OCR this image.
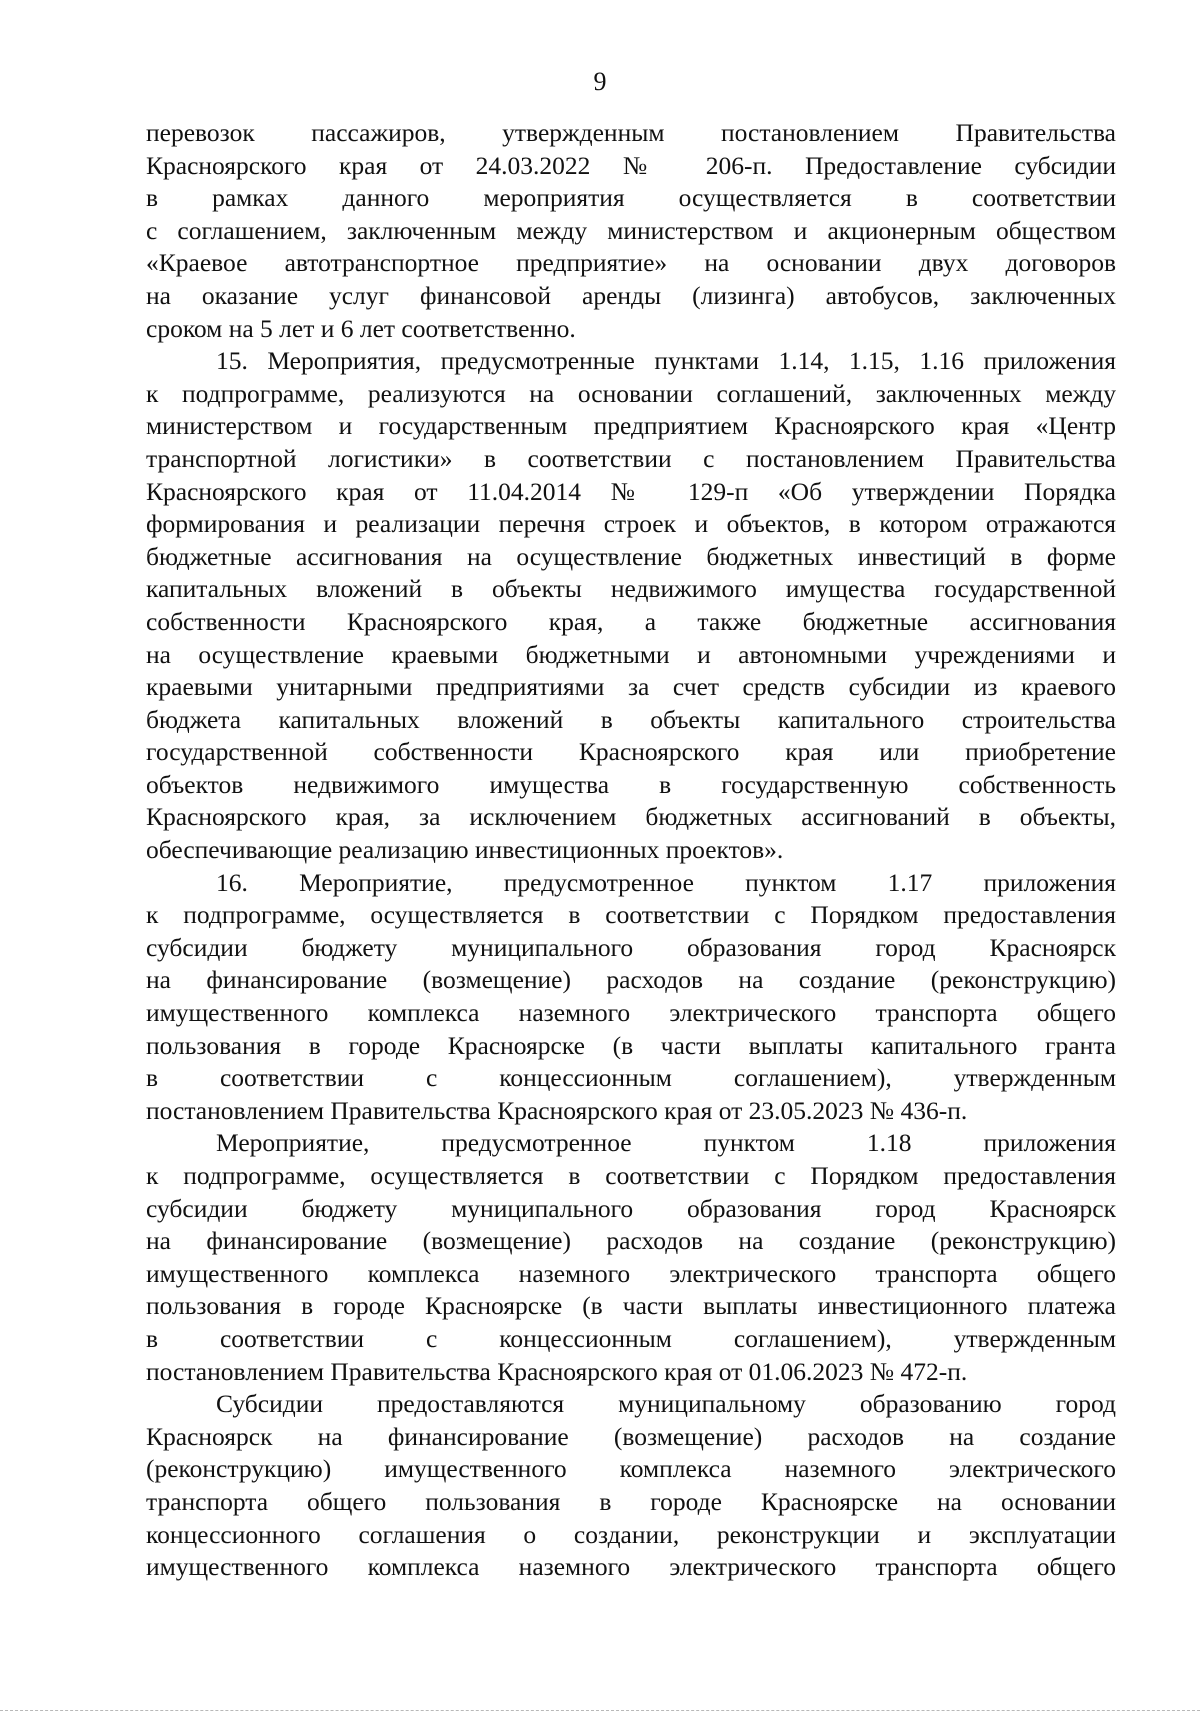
9
перевозок пассажиров, утвержденным постановлением Правительства
Красноярского края от 24.03.2022 № 206-п. Предоставление субсидии
в рамках данного мероприятия осуществляется в соответствии
с соглашением, заключенным между министерством и акционерным обществом
«Краевое автотранспортное предприятие» на основании двух договоров
на оказание услуг финансовой аренды (лизинга) автобусов, заключенных
сроком на 5 лет и 6 лет соответственно.
15. Мероприятия, предусмотренные пунктами 1.14, 1.15, 1.16 приложения
к подпрограмме, реализуются на основании соглашений, заключенных между
министерством и государственным предприятием Красноярского края «Центр
транспортной логистики» в соответствии с постановлением Правительства
Красноярского края от 11.04.2014 № 129-п «Об утверждении Порядка
формирования и реализации перечня строек и объектов, в котором отражаются
бюджетные ассигнования на осуществление бюджетных инвестиций в форме
капитальных вложений в объекты недвижимого имущества государственной
собственности Красноярского края, а также бюджетные ассигнования
на осуществление краевыми бюджетными и автономными учреждениями и
краевыми унитарными предприятиями за счет средств субсидии из краевого
бюджета капитальных вложений в объекты капитального строительства
государственной собственности Красноярского края или приобретение
объектов недвижимого имущества в государственную собственность
Красноярского края, за исключением бюджетных ассигнований в объекты,
обеспечивающие реализацию инвестиционных проектов».
16. Мероприятие, предусмотренное пунктом 1.17 приложения
к подпрограмме, осуществляется в соответствии с Порядком предоставления
субсидии бюджету муниципального образования город Красноярск
на финансирование (возмещение) расходов на создание (реконструкцию)
имущественного комплекса наземного электрического транспорта общего
пользования в городе Красноярске (в части выплаты капитального гранта
в соответствии с концессионным соглашением), утвержденным
постановлением Правительства Красноярского края от 23.05.2023 № 436-п.
Мероприятие, предусмотренное пунктом 1.18 приложения
к подпрограмме, осуществляется в соответствии с Порядком предоставления
субсидии бюджету муниципального образования город Красноярск
на финансирование (возмещение) расходов на создание (реконструкцию)
имущественного комплекса наземного электрического транспорта общего
пользования в городе Красноярске (в части выплаты инвестиционного платежа
в соответствии с концессионным соглашением), утвержденным
постановлением Правительства Красноярского края от 01.06.2023 № 472-п.
Субсидии предоставляются муниципальному образованию город
Красноярск на финансирование (возмещение) расходов на создание
(реконструкцию) имущественного комплекса наземного электрического
транспорта общего пользования в городе Красноярске на основании
концессионного соглашения о создании, реконструкции и эксплуатации
имущественного комплекса наземного электрического транспорта общего
